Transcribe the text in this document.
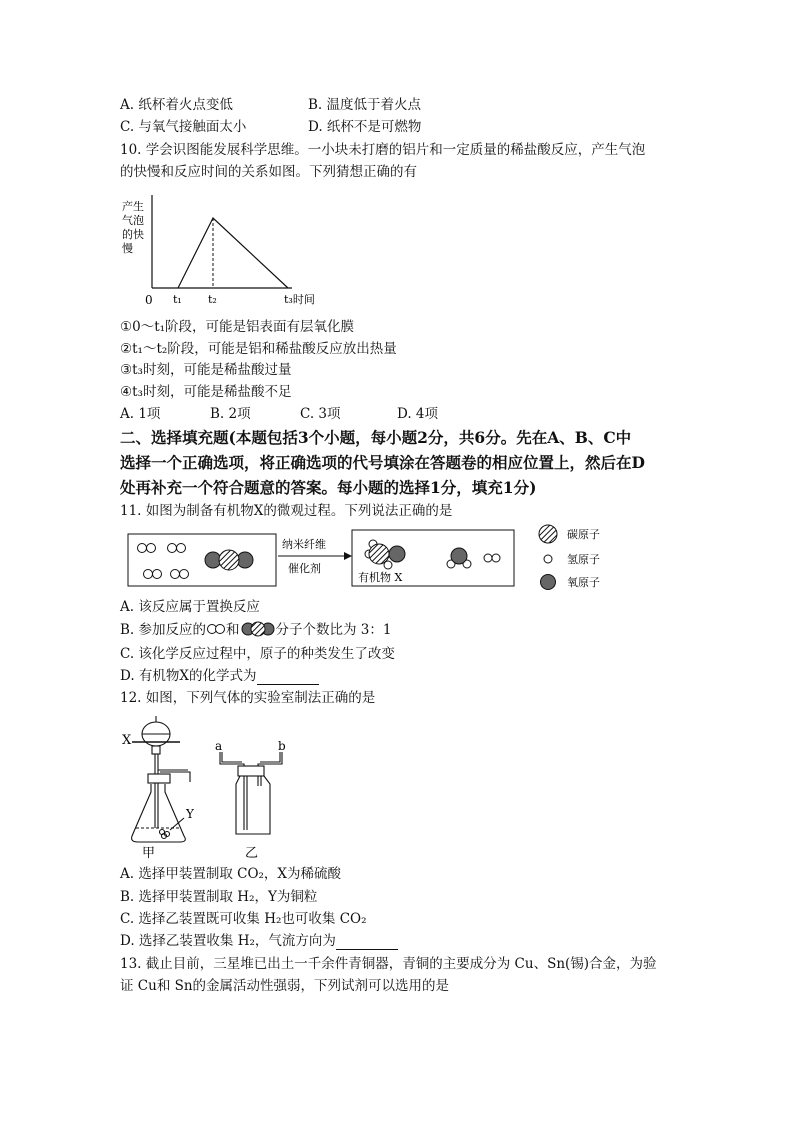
A. 纸杯着火点变低	B. 温度低于着火点
C. 与氧气接触面太小	D. 纸杯不是可燃物
10. 学会识图能发展科学思维。一小块未打磨的铝片和一定质量的稀盐酸反应，产生气泡
的快慢和反应时间的关系如图。下列猜想正确的有
产生
气泡
的快
慢
0 t₁ t₂	t₃时间
①0～t₁阶段，可能是铝表面有层氧化膜
②t₁～t₂阶段，可能是铝和稀盐酸反应放出热量
③t₃时刻，可能是稀盐酸过量
④t₃时刻，可能是稀盐酸不足
A. 1项	B. 2项	C. 3项	D. 4项
二、选择填充题(本题包括3个小题，每小题2分，共6分。先在A、B、C中
选择一个正确选项，将正确选项的代号填涂在答题卷的相应位置上，然后在D
处再补充一个符合题意的答案。每小题的选择1分，填充1分)
11. 如图为制备有机物X的微观过程。下列说法正确的是
纳米纤维
催化剂
有机物 X
碳原子
氢原子
氧原子
A. 该反应属于置换反应
B. 参加反应的 和	分子个数比为 3：1
C. 该化学反应过程中，原子的种类发生了改变
D. 有机物X的化学式为
12. 如图，下列气体的实验室制法正确的是
X
Y
甲
a	b
乙
A. 选择甲装置制取 CO₂，X为稀硫酸
B. 选择甲装置制取 H₂，Y为铜粒
C. 选择乙装置既可收集 H₂也可收集 CO₂
D. 选择乙装置收集 H₂，气流方向为
13. 截止目前，三星堆已出土一千余件青铜器，青铜的主要成分为 Cu、Sn(锡)合金，为验
证 Cu和 Sn的金属活动性强弱，下列试剂可以选用的是
